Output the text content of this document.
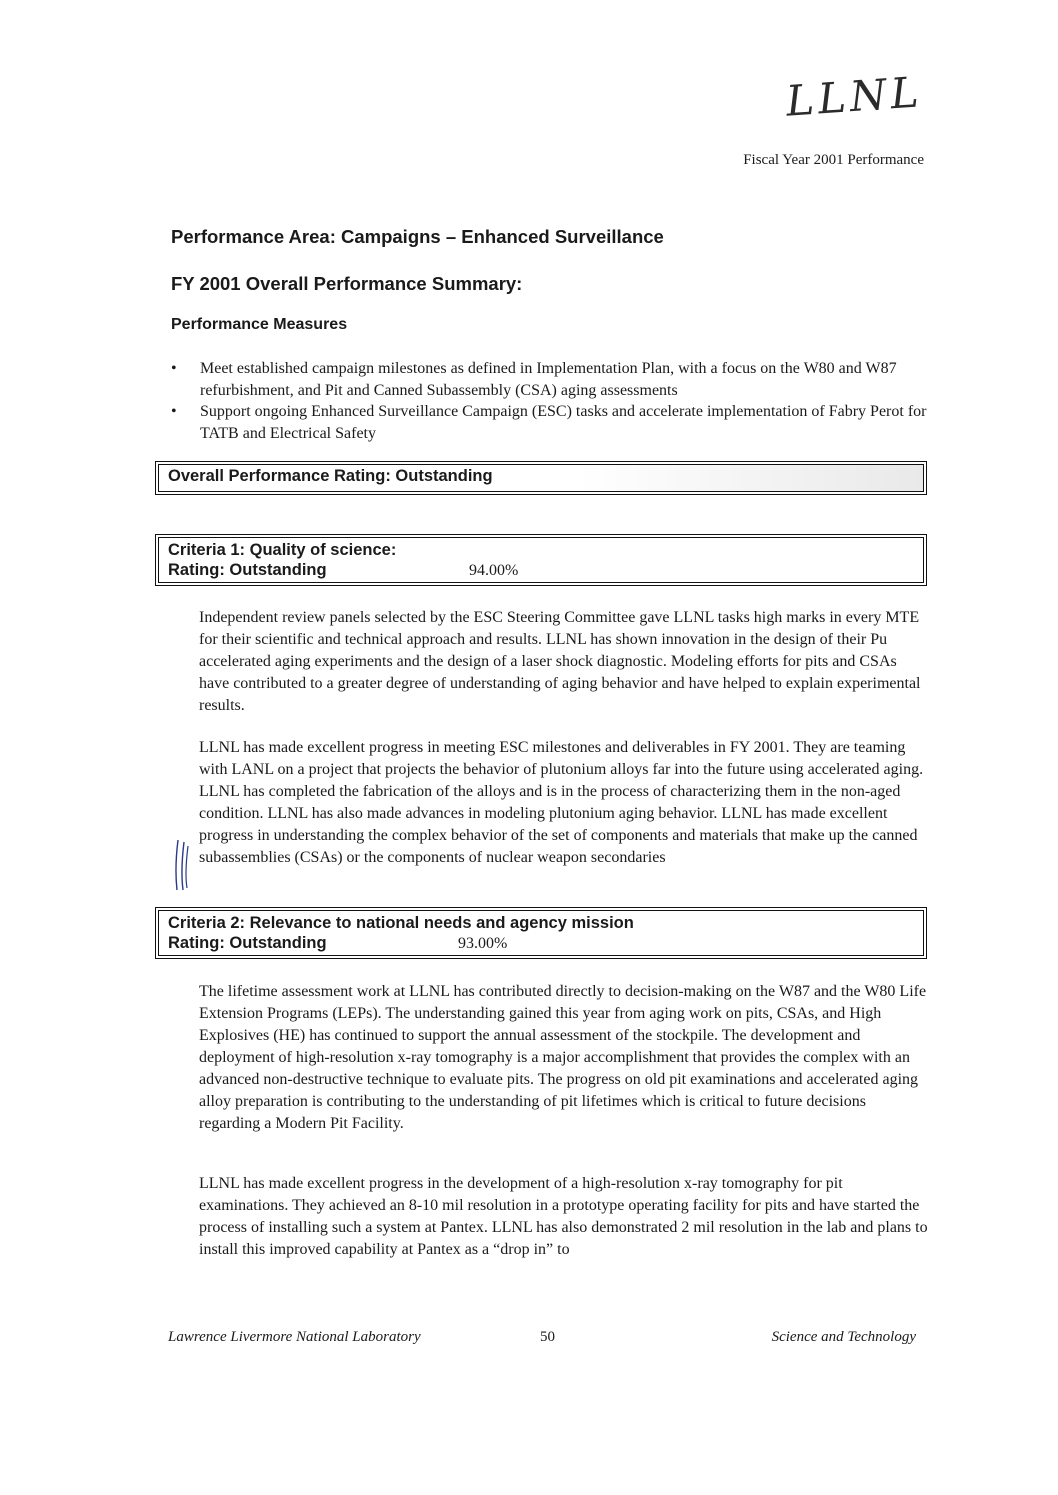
LLNL
Fiscal Year 2001 Performance
Performance Area: Campaigns – Enhanced Surveillance
FY 2001 Overall Performance Summary:
Performance Measures
• Meet established campaign milestones as defined in Implementation Plan, with a focus on the W80 and W87 refurbishment, and Pit and Canned Subassembly (CSA) aging assessments
• Support ongoing Enhanced Surveillance Campaign (ESC) tasks and accelerate implementation of Fabry Perot for TATB and Electrical Safety
Overall Performance Rating: Outstanding
Criteria 1: Quality of science:
Rating: Outstanding	94.00%

Independent review panels selected by the ESC Steering Committee gave LLNL tasks high marks in every MTE for their scientific and technical approach and results. LLNL has shown innovation in the design of their Pu accelerated aging experiments and the design of a laser shock diagnostic. Modeling efforts for pits and CSAs have contributed to a greater degree of understanding of aging behavior and have helped to explain experimental results.

LLNL has made excellent progress in meeting ESC milestones and deliverables in FY 2001. They are teaming with LANL on a project that projects the behavior of plutonium alloys far into the future using accelerated aging. LLNL has completed the fabrication of the alloys and is in the process of characterizing them in the non-aged condition. LLNL has also made advances in modeling plutonium aging behavior. LLNL has made excellent progress in understanding the complex behavior of the set of components and materials that make up the canned subassemblies (CSAs) or the components of nuclear weapon secondaries

Criteria 2: Relevance to national needs and agency mission
Rating: Outstanding	93.00%

The lifetime assessment work at LLNL has contributed directly to decision-making on the W87 and the W80 Life Extension Programs (LEPs). The understanding gained this year from aging work on pits, CSAs, and High Explosives (HE) has continued to support the annual assessment of the stockpile. The development and deployment of high-resolution x-ray tomography is a major accomplishment that provides the complex with an advanced non-destructive technique to evaluate pits. The progress on old pit examinations and accelerated aging alloy preparation is contributing to the understanding of pit lifetimes which is critical to future decisions regarding a Modern Pit Facility.

LLNL has made excellent progress in the development of a high-resolution x-ray tomography for pit examinations. They achieved an 8-10 mil resolution in a prototype operating facility for pits and have started the process of installing such a system at Pantex. LLNL has also demonstrated 2 mil resolution in the lab and plans to install this improved capability at Pantex as a “drop in” to

Lawrence Livermore National Laboratory	50	Science and Technology
